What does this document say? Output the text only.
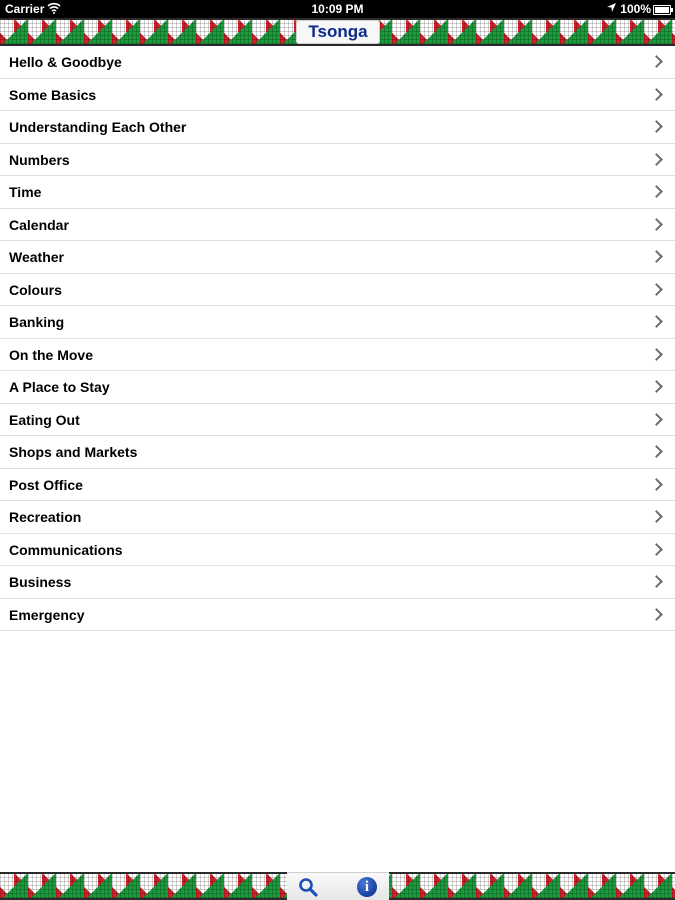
Carrier	10:09 PM	100%
Tsonga
Hello & Goodbye
Some Basics
Understanding Each Other
Numbers
Time
Calendar
Weather
Colours
Banking
On the Move
A Place to Stay
Eating Out
Shops and Markets
Post Office
Recreation
Communications
Business
Emergency
i
